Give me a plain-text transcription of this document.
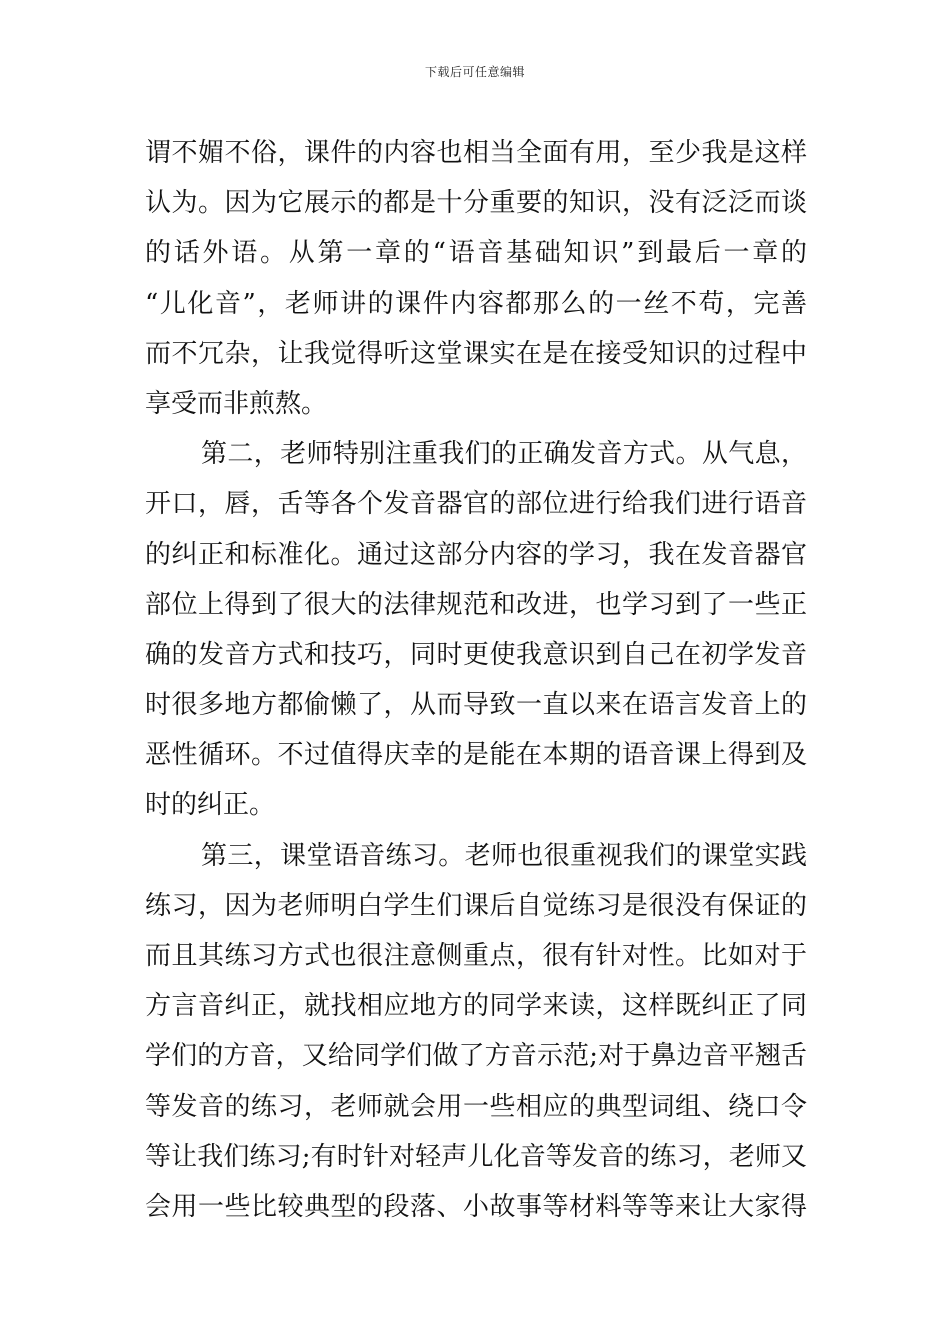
下载后可任意编辑
谓不媚不俗，课件的内容也相当全面有用，至少我是这样
认为。因为它展示的都是十分重要的知识，没有泛泛而谈
的话外语。从第一章的“语音基础知识”到最后一章的
“儿化音”，老师讲的课件内容都那么的一丝不苟，完善
而不冗杂，让我觉得听这堂课实在是在接受知识的过程中
享受而非煎熬。
第二，老师特别注重我们的正确发音方式。从气息，
开口，唇，舌等各个发音器官的部位进行给我们进行语音
的纠正和标准化。通过这部分内容的学习，我在发音器官
部位上得到了很大的法律规范和改进，也学习到了一些正
确的发音方式和技巧，同时更使我意识到自己在初学发音
时很多地方都偷懒了，从而导致一直以来在语言发音上的
恶性循环。不过值得庆幸的是能在本期的语音课上得到及
时的纠正。
第三，课堂语音练习。老师也很重视我们的课堂实践
练习，因为老师明白学生们课后自觉练习是很没有保证的
而且其练习方式也很注意侧重点，很有针对性。比如对于
方言音纠正，就找相应地方的同学来读，这样既纠正了同
学们的方音，又给同学们做了方音示范;对于鼻边音平翘舌
等发音的练习，老师就会用一些相应的典型词组、绕口令
等让我们练习;有时针对轻声儿化音等发音的练习，老师又
会用一些比较典型的段落、小故事等材料等等来让大家得
